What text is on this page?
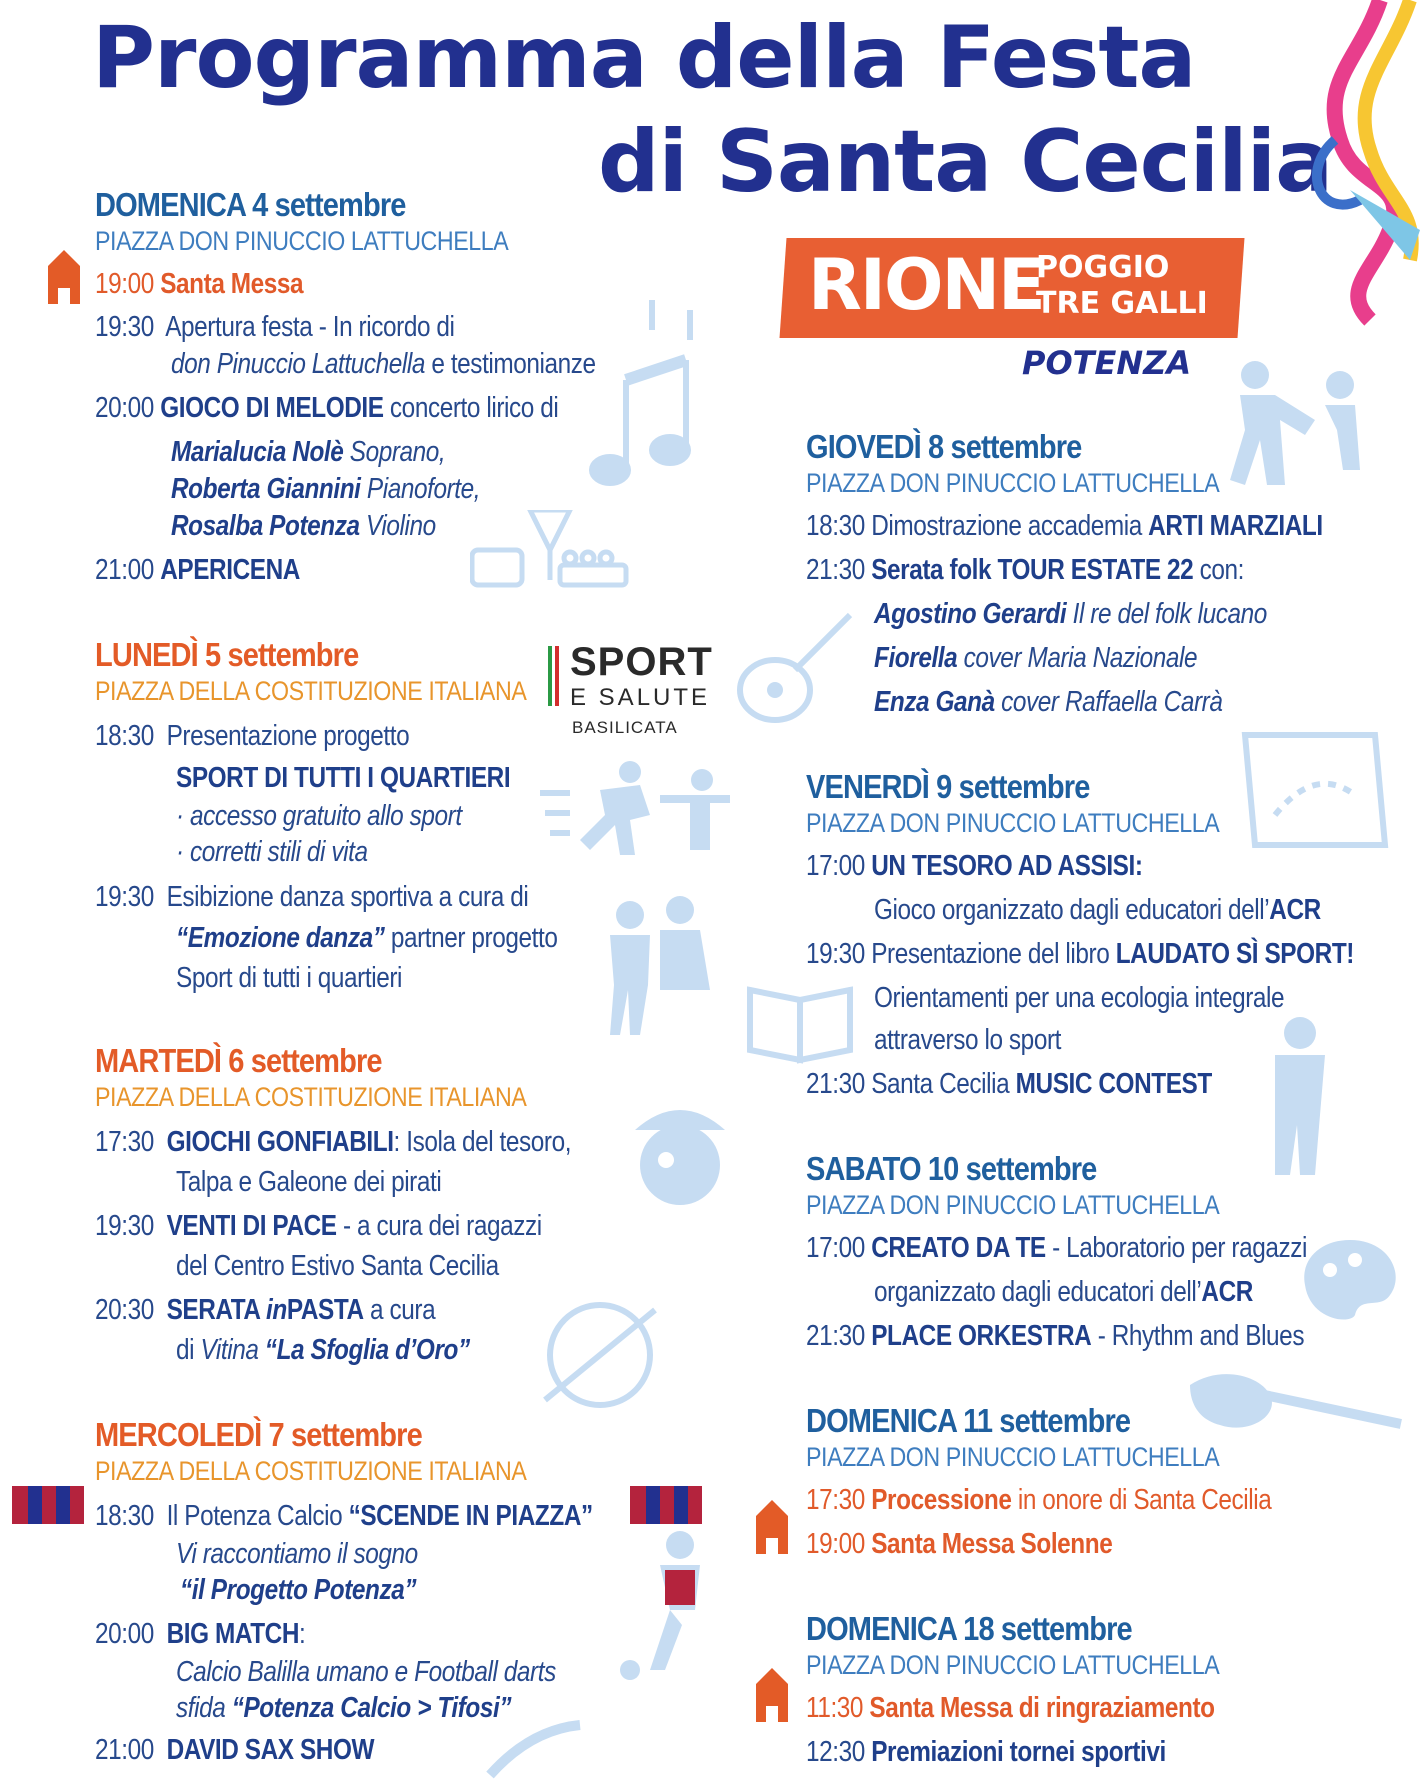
Programma della Festa
di Santa Cecilia
RIONE
POGGIO
TRE GALLI
POTENZA
SPORT
E SALUTE
BASILICATA
DOMENICA 4 settembre
PIAZZA DON PINUCCIO LATTUCHELLA
19:00 Santa Messa
19:30 Apertura festa - In ricordo di
don Pinuccio Lattuchella e testimonianze
20:00 GIOCO DI MELODIE concerto lirico di
Marialucia Nolè Soprano,
Roberta Giannini Pianoforte,
Rosalba Potenza Violino
21:00 APERICENA
LUNEDÌ 5 settembre
PIAZZA DELLA COSTITUZIONE ITALIANA
18:30 Presentazione progetto
SPORT DI TUTTI I QUARTIERI
· accesso gratuito allo sport
· corretti stili di vita
19:30 Esibizione danza sportiva a cura di
“Emozione danza” partner progetto
Sport di tutti i quartieri
MARTEDÌ 6 settembre
PIAZZA DELLA COSTITUZIONE ITALIANA
17:30 GIOCHI GONFIABILI: Isola del tesoro,
Talpa e Galeone dei pirati
19:30 VENTI DI PACE - a cura dei ragazzi
del Centro Estivo Santa Cecilia
20:30 SERATA inPASTA a cura
di Vitina “La Sfoglia d’Oro”
MERCOLEDÌ 7 settembre
PIAZZA DELLA COSTITUZIONE ITALIANA
18:30 Il Potenza Calcio “SCENDE IN PIAZZA”
Vi raccontiamo il sogno
“il Progetto Potenza”
20:00 BIG MATCH:
Calcio Balilla umano e Football darts
sfida “Potenza Calcio > Tifosi”
21:00 DAVID SAX SHOW
GIOVEDÌ 8 settembre
PIAZZA DON PINUCCIO LATTUCHELLA
18:30 Dimostrazione accademia ARTI MARZIALI
21:30 Serata folk TOUR ESTATE 22 con:
Agostino Gerardi Il re del folk lucano
Fiorella cover Maria Nazionale
Enza Ganà cover Raffaella Carrà
VENERDÌ 9 settembre
PIAZZA DON PINUCCIO LATTUCHELLA
17:00 UN TESORO AD ASSISI:
Gioco organizzato dagli educatori dell’ACR
19:30 Presentazione del libro LAUDATO SÌ SPORT!
Orientamenti per una ecologia integrale
attraverso lo sport
21:30 Santa Cecilia MUSIC CONTEST
SABATO 10 settembre
PIAZZA DON PINUCCIO LATTUCHELLA
17:00 CREATO DA TE - Laboratorio per ragazzi
organizzato dagli educatori dell’ACR
21:30 PLACE ORKESTRA - Rhythm and Blues
DOMENICA 11 settembre
PIAZZA DON PINUCCIO LATTUCHELLA
17:30 Processione in onore di Santa Cecilia
19:00 Santa Messa Solenne
DOMENICA 18 settembre
PIAZZA DON PINUCCIO LATTUCHELLA
11:30 Santa Messa di ringraziamento
12:30 Premiazioni tornei sportivi
